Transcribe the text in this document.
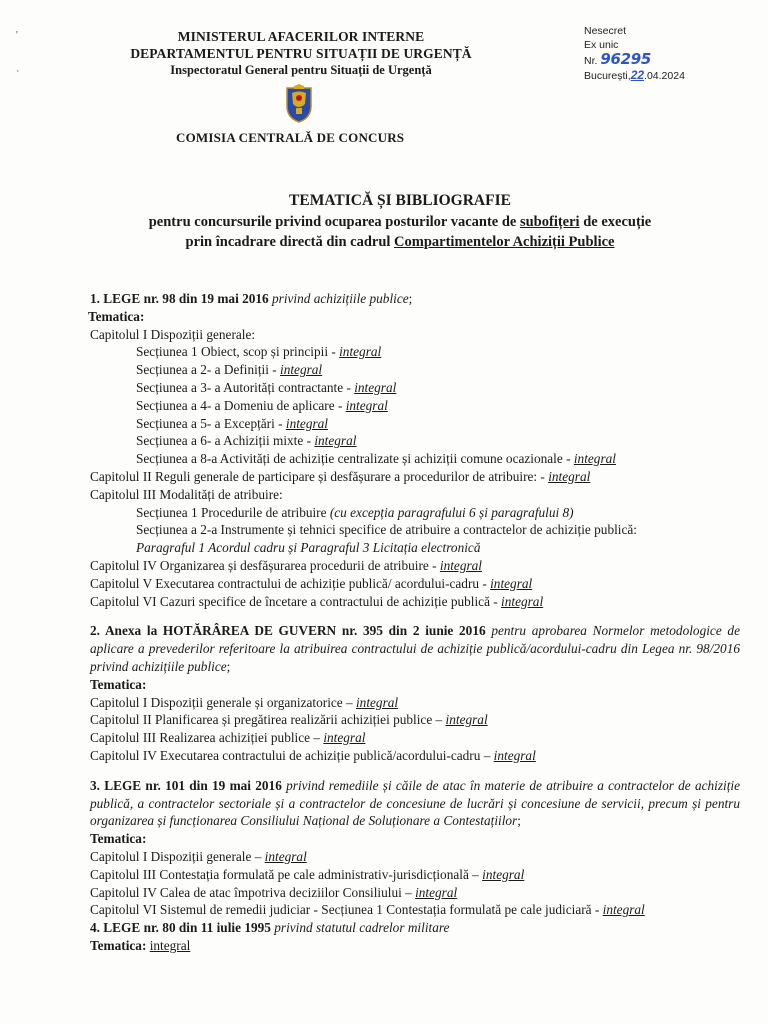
'
`
MINISTERUL AFACERILOR INTERNE
DEPARTAMENTUL PENTRU SITUAȚII DE URGENȚĂ
Inspectoratul General pentru Situații de Urgență
COMISIA CENTRALĂ DE CONCURS
Nesecret
Ex unic
Nr. 96295
București,22.04.2024
TEMATICĂ ȘI BIBLIOGRAFIE
pentru concursurile privind ocuparea posturilor vacante de subofițeri de execuție
prin încadrare directă din cadrul Compartimentelor Achiziții Publice
1. LEGE nr. 98 din 19 mai 2016 privind achizițiile publice;
Tematica:
Capitolul I Dispoziții generale:
Secțiunea 1 Obiect, scop și principii - integral
Secțiunea a 2- a Definiții - integral
Secțiunea a 3- a Autorități contractante - integral
Secțiunea a 4- a Domeniu de aplicare - integral
Secțiunea a 5- a Excepțări - integral
Secțiunea a 6- a Achiziții mixte - integral
Secțiunea a 8-a Activități de achiziție centralizate și achiziții comune ocazionale - integral
Capitolul II Reguli generale de participare și desfășurare a procedurilor de atribuire: - integral
Capitolul III Modalități de atribuire:
Secțiunea 1 Procedurile de atribuire (cu excepția paragrafului 6 și paragrafului 8)
Secțiunea a 2-a Instrumente și tehnici specifice de atribuire a contractelor de achiziție publică:
Paragraful 1 Acordul cadru și Paragraful 3 Licitația electronică
Capitolul IV Organizarea și desfășurarea procedurii de atribuire - integral
Capitolul V Executarea contractului de achiziție publică/ acordului-cadru - integral
Capitolul VI Cazuri specifice de încetare a contractului de achiziție publică - integral
2. Anexa la HOTĂRÂREA DE GUVERN nr. 395 din 2 iunie 2016 pentru aprobarea Normelor metodologice de aplicare a prevederilor referitoare la atribuirea contractului de achiziție publică/acordului-cadru din Legea nr. 98/2016 privind achizițiile publice;
Tematica:
Capitolul I Dispoziții generale și organizatorice – integral
Capitolul II Planificarea și pregătirea realizării achiziției publice – integral
Capitolul III Realizarea achiziției publice – integral
Capitolul IV Executarea contractului de achiziție publică/acordului-cadru – integral
3. LEGE nr. 101 din 19 mai 2016 privind remediile și căile de atac în materie de atribuire a contractelor de achiziție publică, a contractelor sectoriale și a contractelor de concesiune de lucrări și concesiune de servicii, precum și pentru organizarea și funcționarea Consiliului Național de Soluționare a Contestațiilor;
Tematica:
Capitolul I Dispoziții generale – integral
Capitolul III Contestația formulată pe cale administrativ-jurisdicțională – integral
Capitolul IV Calea de atac împotriva deciziilor Consiliului – integral
Capitolul VI Sistemul de remedii judiciar - Secțiunea 1 Contestația formulată pe cale judiciară - integral
4. LEGE nr. 80 din 11 iulie 1995 privind statutul cadrelor militare
Tematica: integral
